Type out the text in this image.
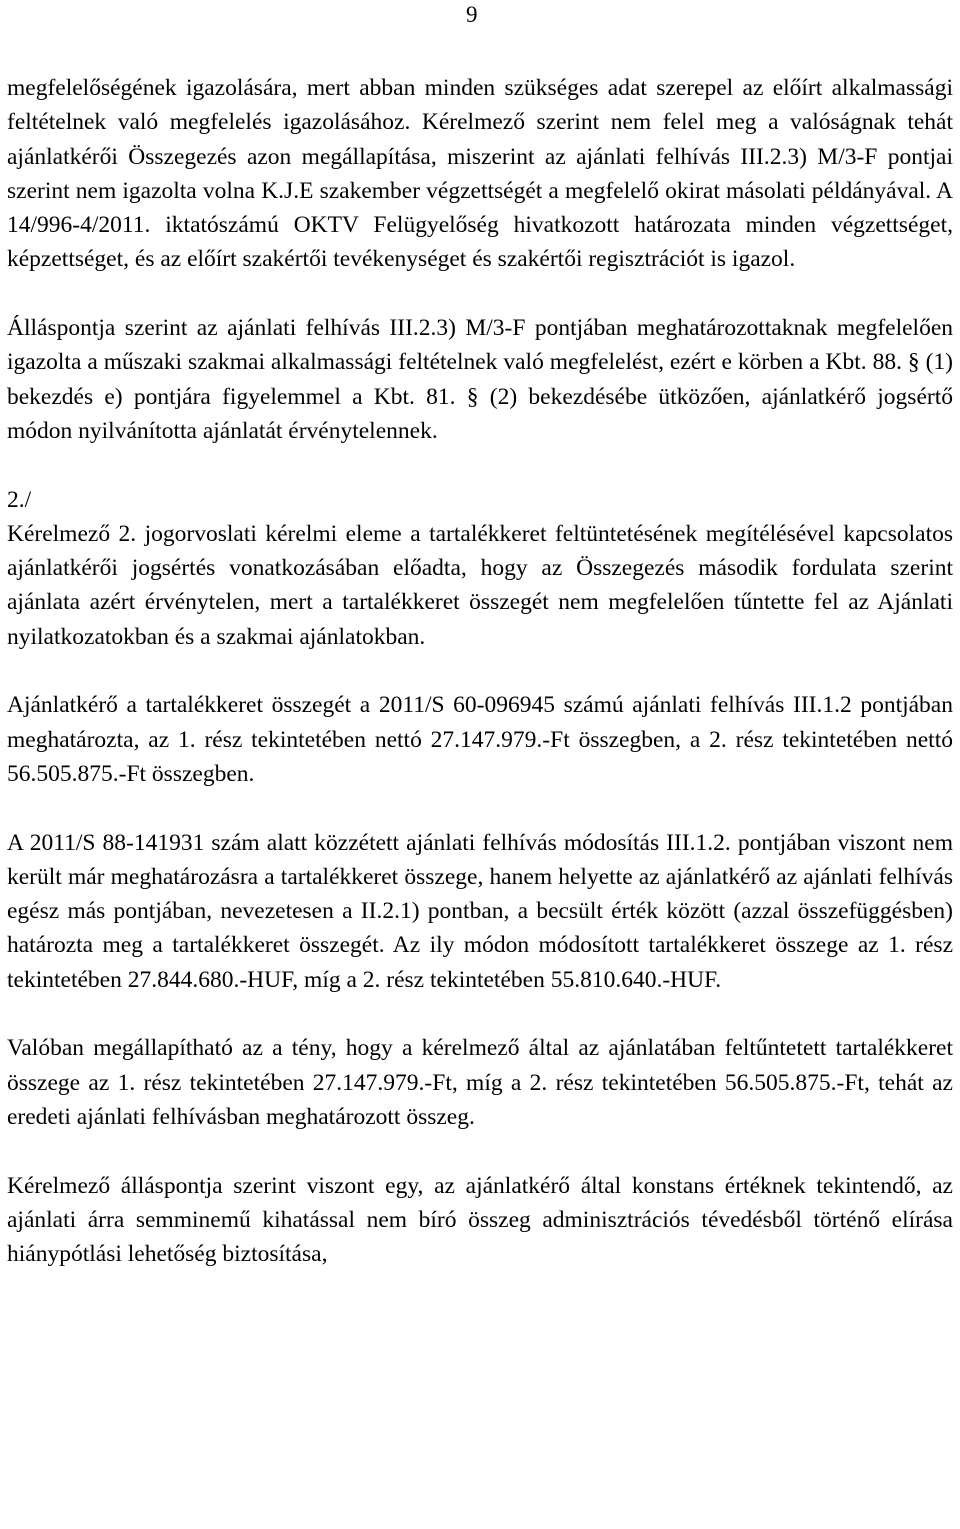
9

megfelelőségének igazolására, mert abban minden szükséges adat szerepel az előírt alkalmassági feltételnek való megfelelés igazolásához. Kérelmező szerint nem felel meg a valóságnak tehát ajánlatkérői Összegezés azon megállapítása, miszerint az ajánlati felhívás III.2.3) M/3-F pontjai szerint nem igazolta volna K.J.E szakember végzettségét a megfelelő okirat másolati példányával. A 14/996-4/2011. iktatószámú OKTV Felügyelőség hivatkozott határozata minden végzettséget, képzettséget, és az előírt szakértői tevékenységet és szakértői regisztrációt is igazol.

Álláspontja szerint az ajánlati felhívás III.2.3) M/3-F pontjában meghatározottaknak megfelelően igazolta a műszaki szakmai alkalmassági feltételnek való megfelelést, ezért e körben a Kbt. 88. § (1) bekezdés e) pontjára figyelemmel a Kbt. 81. § (2) bekezdésébe ütközően, ajánlatkérő jogsértő módon nyilvánította ajánlatát érvénytelennek.

2./

Kérelmező 2. jogorvoslati kérelmi eleme a tartalékkeret feltüntetésének megítélésével kapcsolatos ajánlatkérői jogsértés vonatkozásában előadta, hogy az Összegezés második fordulata szerint ajánlata azért érvénytelen, mert a tartalékkeret összegét nem megfelelően tűntette fel az Ajánlati nyilatkozatokban és a szakmai ajánlatokban.

Ajánlatkérő a tartalékkeret összegét a 2011/S 60-096945 számú ajánlati felhívás III.1.2 pontjában meghatározta, az 1. rész tekintetében nettó 27.147.979.-Ft összegben, a 2. rész tekintetében nettó 56.505.875.-Ft összegben.

A 2011/S 88-141931 szám alatt közzétett ajánlati felhívás módosítás III.1.2. pontjában viszont nem került már meghatározásra a tartalékkeret összege, hanem helyette az ajánlatkérő az ajánlati felhívás egész más pontjában, nevezetesen a II.2.1) pontban, a becsült érték között (azzal összefüggésben) határozta meg a tartalékkeret összegét. Az ily módon módosított tartalékkeret összege az 1. rész tekintetében 27.844.680.-HUF, míg a 2. rész tekintetében 55.810.640.-HUF.

Valóban megállapítható az a tény, hogy a kérelmező által az ajánlatában feltűntetett tartalékkeret összege az 1. rész tekintetében 27.147.979.-Ft, míg a 2. rész tekintetében 56.505.875.-Ft, tehát az eredeti ajánlati felhívásban meghatározott összeg.

Kérelmező álláspontja szerint viszont egy, az ajánlatkérő által konstans értéknek tekintendő, az ajánlati árra semminemű kihatással nem bíró összeg adminisztrációs tévedésből történő elírása hiánypótlási lehetőség biztosítása,
